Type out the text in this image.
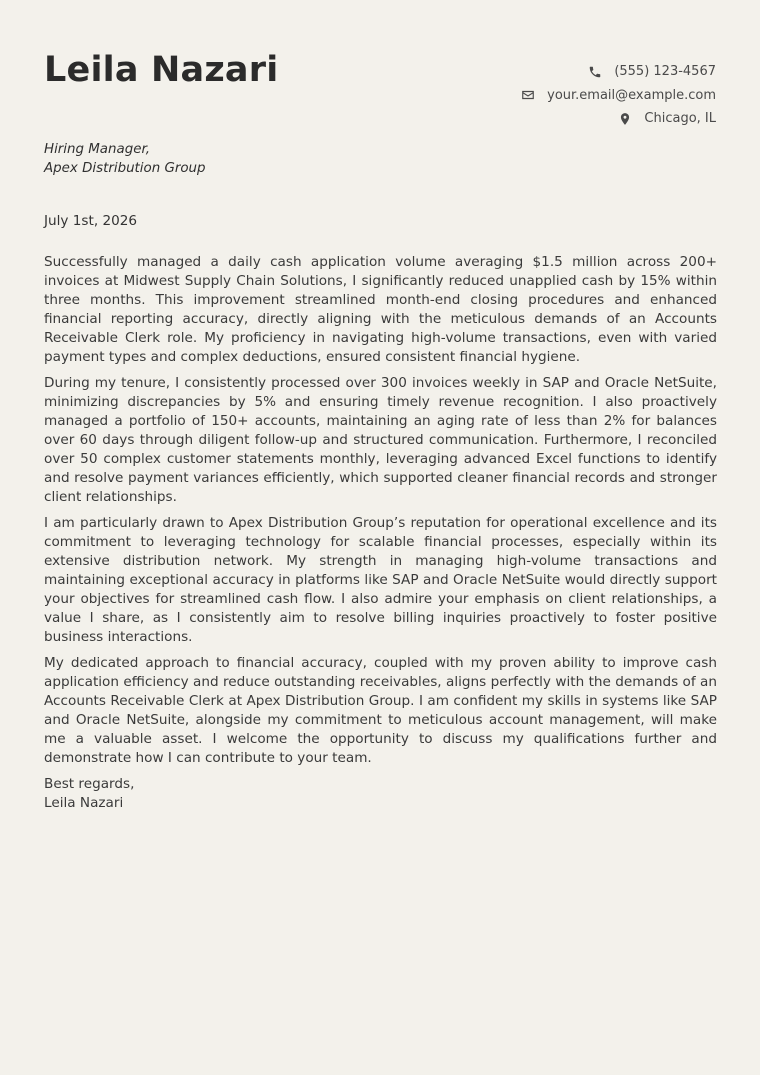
Leila Nazari	(555) 123-4567
your.email@example.com
Chicago, IL
Hiring Manager,
Apex Distribution Group
July 1st, 2026

Successfully managed a daily cash application volume averaging $1.5 million across 200+ invoices at Midwest Supply Chain Solutions, I significantly reduced unapplied cash by 15% within three months. This improvement streamlined month-end closing procedures and enhanced financial reporting accuracy, directly aligning with the meticulous demands of an Accounts Receivable Clerk role. My proficiency in navigating high-volume transactions, even with varied payment types and complex deductions, ensured consistent financial hygiene.

During my tenure, I consistently processed over 300 invoices weekly in SAP and Oracle NetSuite, minimizing discrepancies by 5% and ensuring timely revenue recognition. I also proactively managed a portfolio of 150+ accounts, maintaining an aging rate of less than 2% for balances over 60 days through diligent follow-up and structured communication. Furthermore, I reconciled over 50 complex customer statements monthly, leveraging advanced Excel functions to identify and resolve payment variances efficiently, which supported cleaner financial records and stronger client relationships.

I am particularly drawn to Apex Distribution Group’s reputation for operational excellence and its commitment to leveraging technology for scalable financial processes, especially within its extensive distribution network. My strength in managing high-volume transactions and maintaining exceptional accuracy in platforms like SAP and Oracle NetSuite would directly support your objectives for streamlined cash flow. I also admire your emphasis on client relationships, a value I share, as I consistently aim to resolve billing inquiries proactively to foster positive business interactions.

My dedicated approach to financial accuracy, coupled with my proven ability to improve cash application efficiency and reduce outstanding receivables, aligns perfectly with the demands of an Accounts Receivable Clerk at Apex Distribution Group. I am confident my skills in systems like SAP and Oracle NetSuite, alongside my commitment to meticulous account management, will make me a valuable asset. I welcome the opportunity to discuss my qualifications further and demonstrate how I can contribute to your team.

Best regards,
Leila Nazari
